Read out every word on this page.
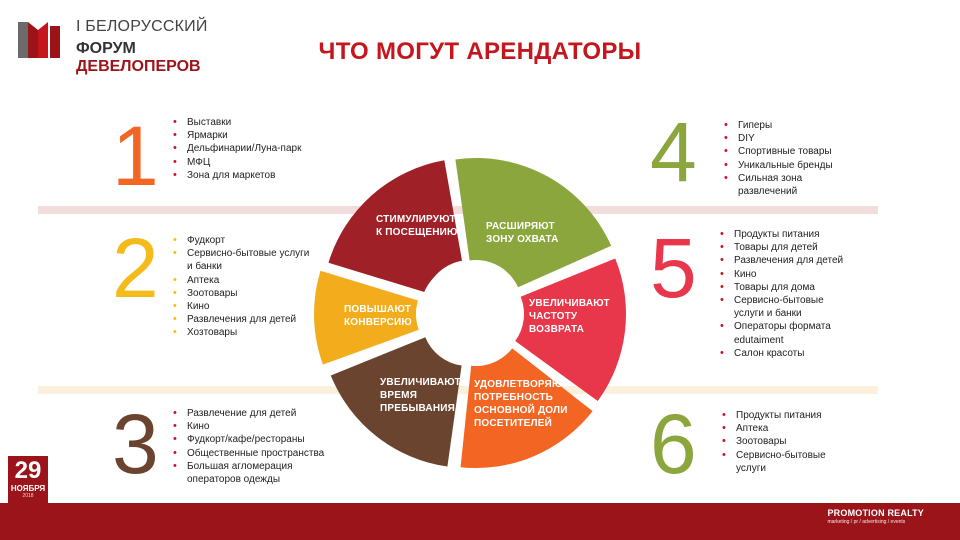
І БЕЛОРУССКИЙ
ФОРУМ ДЕВЕЛОПЕРОВ
ЧТО МОГУТ АРЕНДАТОРЫ
1
2
3
4
5
6
• Выставки
• Ярмарки
• Дельфинарии/Луна-парк
• МФЦ
• Зона для маркетов
• Фудкорт
• Сервисно-бытовые услуги и банки
• Аптека
• Зоотовары
• Кино
• Развлечения для детей
• Хозтовары
• Развлечение для детей
• Кино
• Фудкорт/кафе/рестораны
• Общественные пространства
• Большая агломерация операторов одежды
• Гиперы
• DIY
• Спортивные товары
• Уникальные бренды
• Сильная зона развлечений
• Продукты питания
• Товары для детей
• Развлечения для детей
• Кино
• Товары для дома
• Сервисно-бытовые услуги и банки
• Операторы формата edutaiment
• Салон красоты
• Продукты питания
• Аптека
• Зоотовары
• Сервисно-бытовые услуги
СТИМУЛИРУЮТ К ПОСЕЩЕНИЮ
РАСШИРЯЮТ ЗОНУ ОХВАТА
УВЕЛИЧИВАЮТ ЧАСТОТУ ВОЗВРАТА
УДОВЛЕТВОРЯЮТ ПОТРЕБНОСТЬ ОСНОВНОЙ ДОЛИ ПОСЕТИТЕЛЕЙ
УВЕЛИЧИВАЮТ ВРЕМЯ ПРЕБЫВАНИЯ
ПОВЫШАЮТ КОНВЕРСИЮ
29
НОЯБРЯ
2018
PROMOTION REALTY
marketing / pr / advertising / events
